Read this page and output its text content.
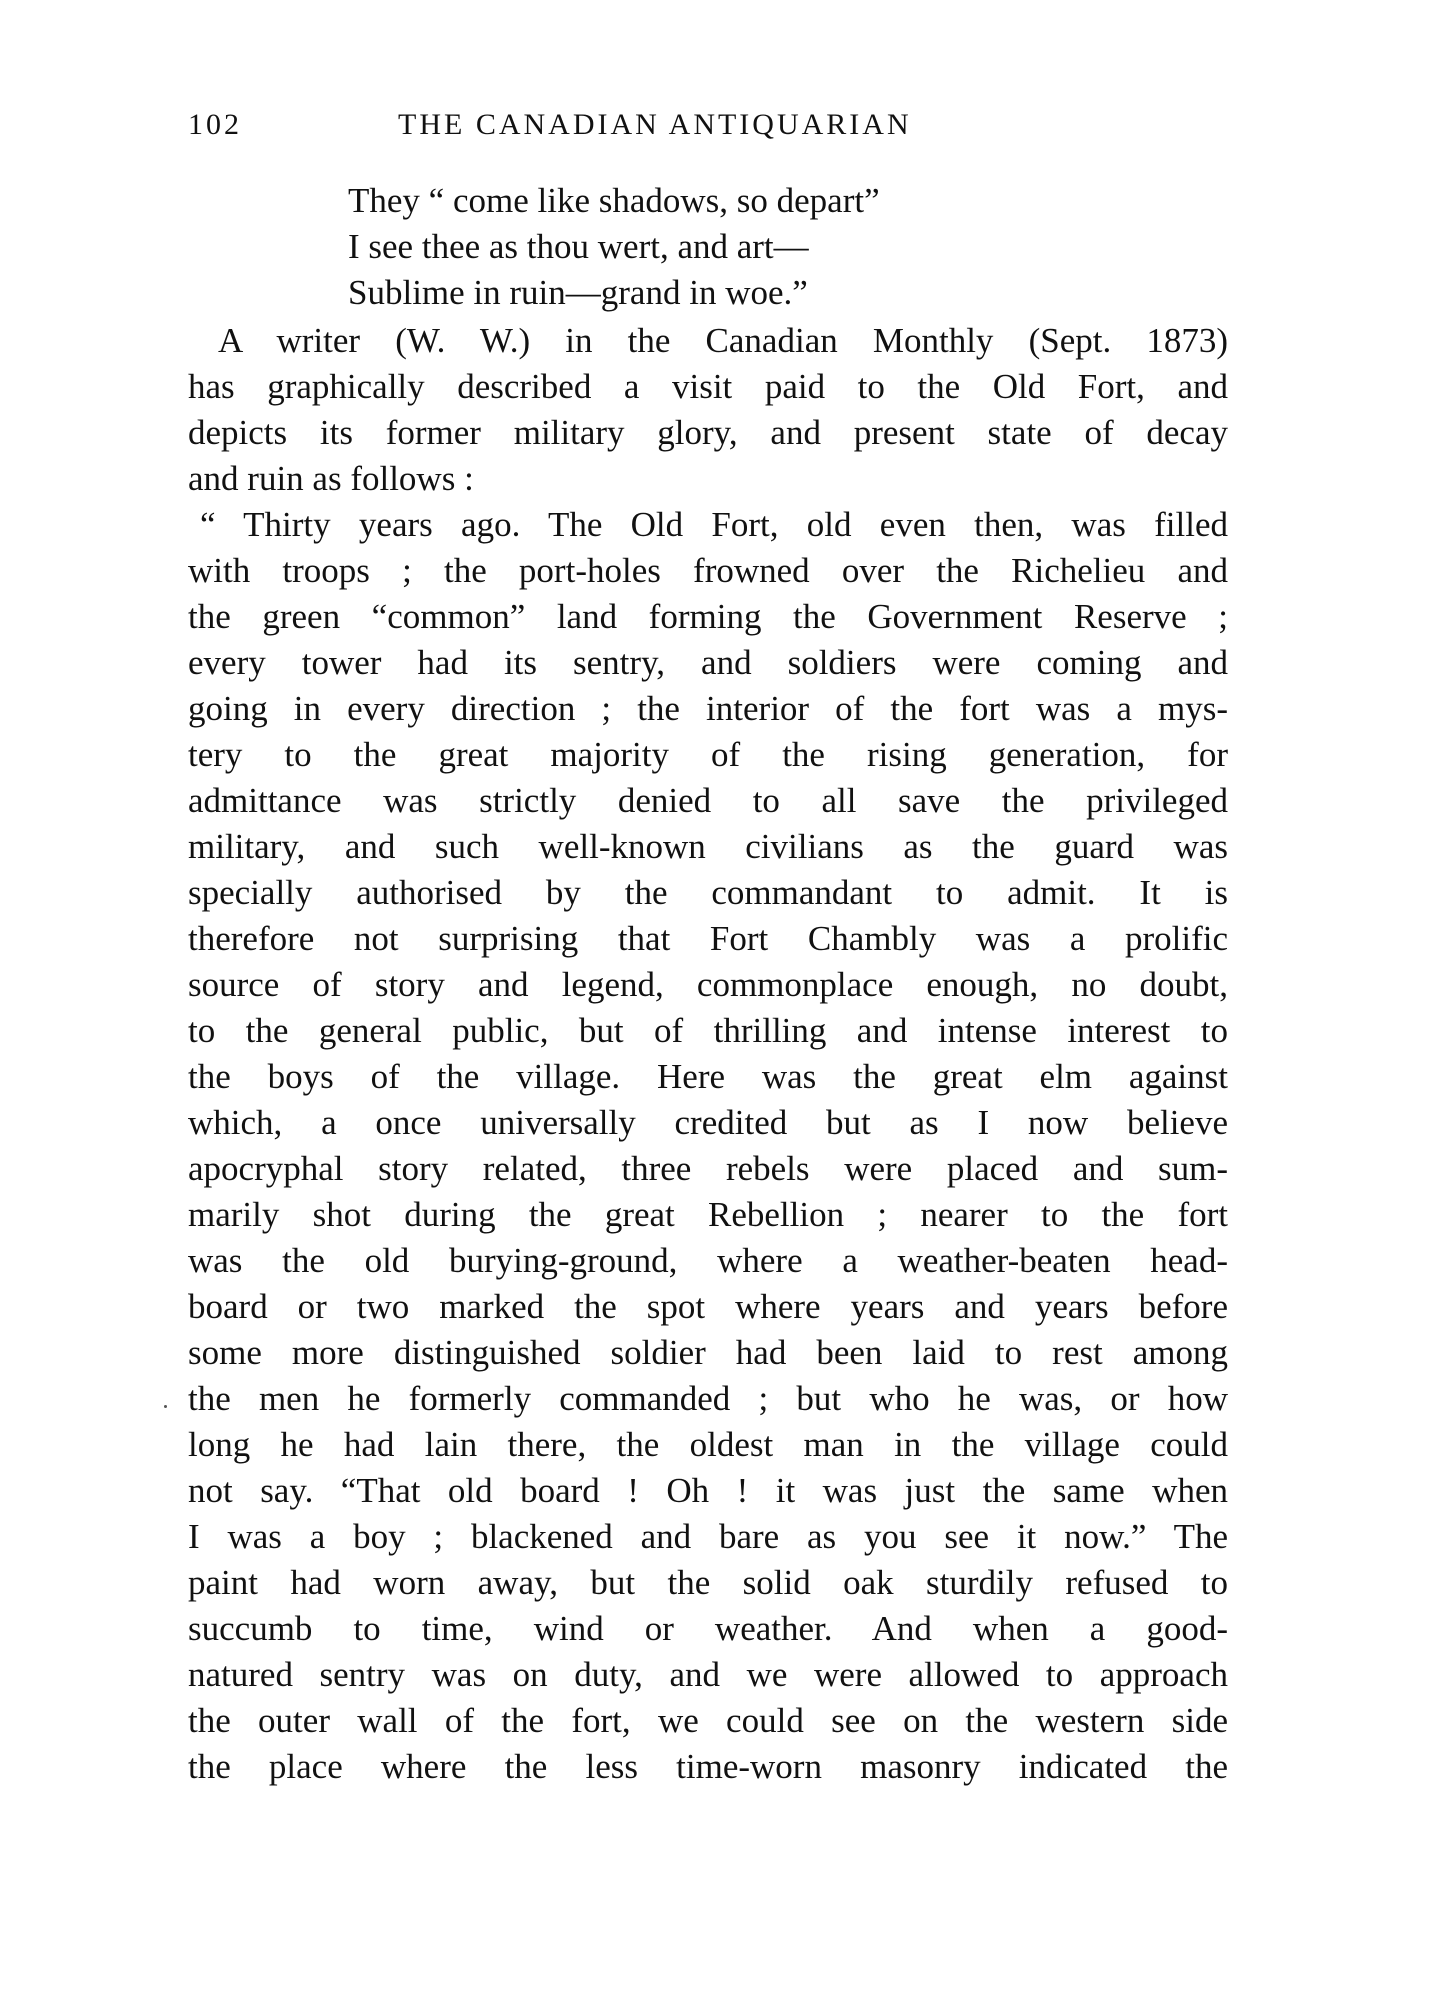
102	THE CANADIAN ANTIQUARIAN
They “ come like shadows, so depart”
I see thee as thou wert, and art—
Sublime in ruin—grand in woe.”
A writer (W. W.) in the Canadian Monthly (Sept. 1873)
has graphically described a visit paid to the Old Fort, and
depicts its former military glory, and present state of decay
and ruin as follows :
“ Thirty years ago. The Old Fort, old even then, was filled
with troops ; the port-holes frowned over the Richelieu and
the green “common” land forming the Government Reserve ;
every tower had its sentry, and soldiers were coming and
going in every direction ; the interior of the fort was a mys-
tery to the great majority of the rising generation, for
admittance was strictly denied to all save the privileged
military, and such well-known civilians as the guard was
specially authorised by the commandant to admit. It is
therefore not surprising that Fort Chambly was a prolific
source of story and legend, commonplace enough, no doubt,
to the general public, but of thrilling and intense interest to
the boys of the village. Here was the great elm against
which, a once universally credited but as I now believe
apocryphal story related, three rebels were placed and sum-
marily shot during the great Rebellion ; nearer to the fort
was the old burying-ground, where a weather-beaten head-
board or two marked the spot where years and years before
some more distinguished soldier had been laid to rest among
the men he formerly commanded ; but who he was, or how
long he had lain there, the oldest man in the village could
not say. “That old board ! Oh ! it was just the same when
I was a boy ; blackened and bare as you see it now.” The
paint had worn away, but the solid oak sturdily refused to
succumb to time, wind or weather. And when a good-
natured sentry was on duty, and we were allowed to approach
the outer wall of the fort, we could see on the western side
the place where the less time-worn masonry indicated the
